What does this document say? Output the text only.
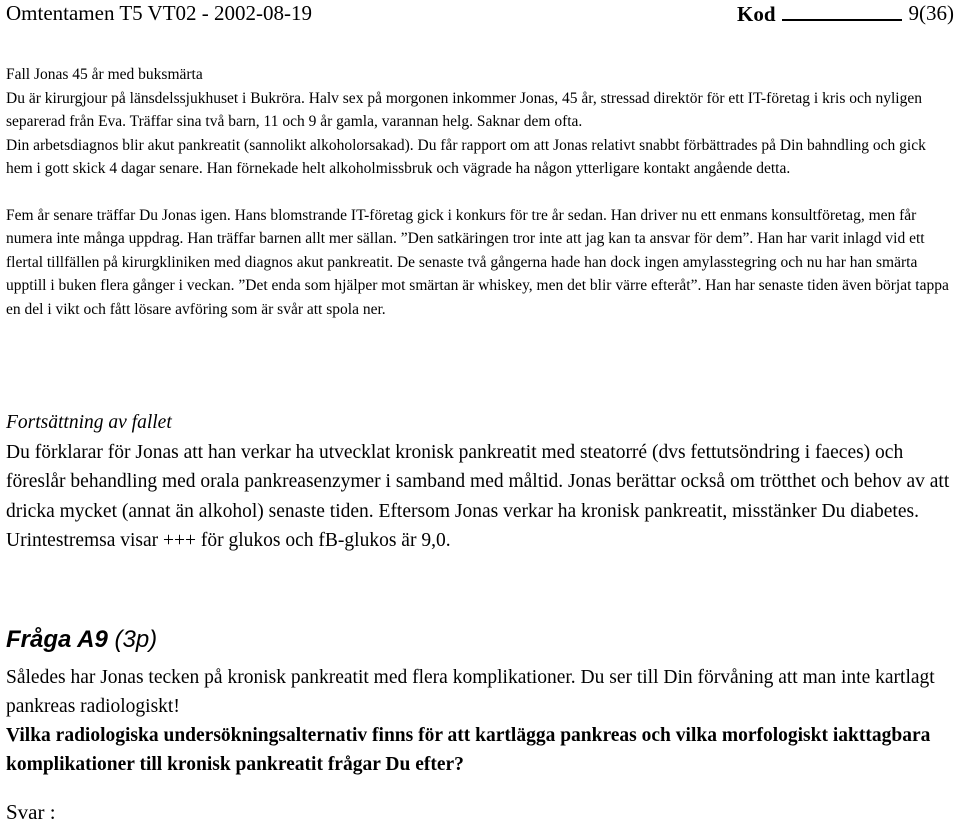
Omtentamen T5 VT02 - 2002-08-19	Kod	9(36)

Fall Jonas 45 år med buksmärta

Du är kirurgjour på länsdelssjukhuset i Bukröra. Halv sex på morgonen inkommer Jonas, 45 år, stressad direktör för ett IT-företag i kris och nyligen separerad från Eva. Träffar sina två barn, 11 och 9 år gamla, varannan helg. Saknar dem ofta.

Din arbetsdiagnos blir akut pankreatit (sannolikt alkoholorsakad). Du får rapport om att Jonas relativt snabbt förbättrades på Din bahndling och gick hem i gott skick 4 dagar senare. Han förnekade helt alkoholmissbruk och vägrade ha någon ytterligare kontakt angående detta.

Fem år senare träffar Du Jonas igen. Hans blomstrande IT-företag gick i konkurs för tre år sedan. Han driver nu ett enmans konsultföretag, men får numera inte många uppdrag. Han träffar barnen allt mer sällan. ”Den satkäringen tror inte att jag kan ta ansvar för dem”. Han har varit inlagd vid ett flertal tillfällen på kirurgkliniken med diagnos akut pankreatit. De senaste två gångerna hade han dock ingen amylasstegring och nu har han smärta upptill i buken flera gånger i veckan. ”Det enda som hjälper mot smärtan är whiskey, men det blir värre efteråt”. Han har senaste tiden även börjat tappa en del i vikt och fått lösare avföring som är svår att spola ner.

Fortsättning av fallet

Du förklarar för Jonas att han verkar ha utvecklat kronisk pankreatit med steatorré (dvs fettutsöndring i faeces) och föreslår behandling med orala pankreasenzymer i samband med måltid. Jonas berättar också om trötthet och behov av att dricka mycket (annat än alkohol) senaste tiden. Eftersom Jonas verkar ha kronisk pankreatit, misstänker Du diabetes. Urintestremsa visar +++ för glukos och fB-glukos är 9,0.

Fråga A9 (3p)

Således har Jonas tecken på kronisk pankreatit med flera komplikationer. Du ser till Din förvåning att man inte kartlagt pankreas radiologiskt!

Vilka radiologiska undersökningsalternativ finns för att kartlägga pankreas och vilka morfologiskt iakttagbara komplikationer till kronisk pankreatit frågar Du efter?

Svar :
